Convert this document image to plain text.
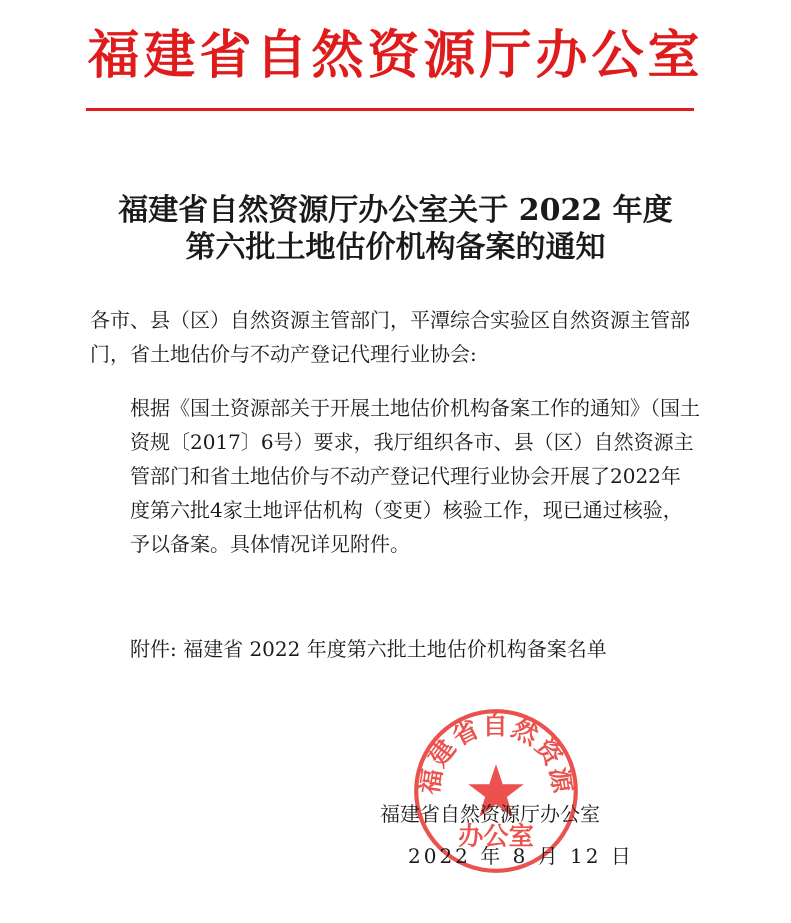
福建省自然资源厅办公室
福建省自然资源厅办公室关于 2022 年度
第六批土地估价机构备案的通知
各市、县（区）自然资源主管部门，平潭综合实验区自然资源主管部门，省土地估价与不动产登记代理行业协会:
根据《国土资源部关于开展土地估价机构备案工作的通知》（国土资规〔2017〕6号）要求，我厅组织各市、县（区）自然资源主管部门和省土地估价与不动产登记代理行业协会开展了2022年度第六批4家土地评估机构（变更）核验工作，现已通过核验，予以备案。具体情况详见附件。
附件: 福建省 2022 年度第六批土地估价机构备案名单
福建省自然资源
办公室
福建省自然资源厅办公室
2022 年 8 月 12 日
